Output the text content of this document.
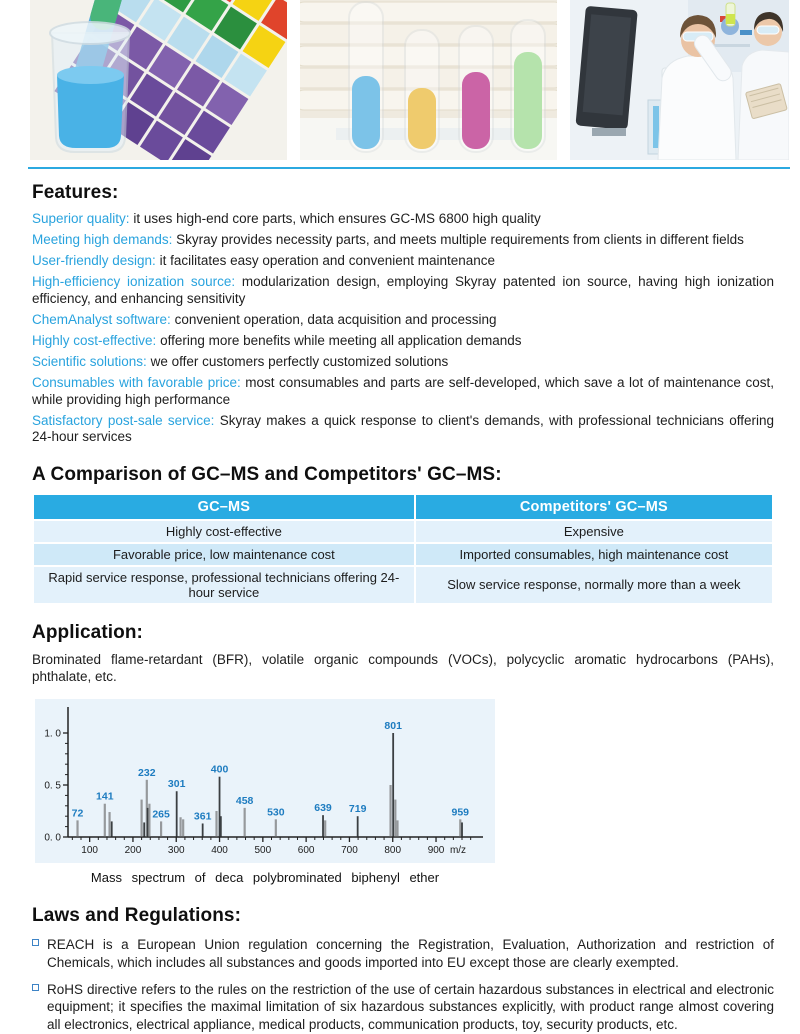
Features:

Superior quality: it uses high-end core parts, which ensures GC-MS 6800 high quality

Meeting high demands: Skyray provides necessity parts, and meets multiple requirements from clients in different fields

User-friendly design: it facilitates easy operation and convenient maintenance

High-efficiency ionization source: modularization design, employing Skyray patented ion source, having high ionization efficiency, and enhancing sensitivity

ChemAnalyst software: convenient operation, data acquisition and processing

Highly cost-effective: offering more benefits while meeting all application demands

Scientific solutions: we offer customers perfectly customized solutions

Consumables with favorable price: most consumables and parts are self-developed, which save a lot of maintenance cost, while providing high performance

Satisfactory post-sale service: Skyray makes a quick response to client's demands, with professional technicians offering 24-hour services

A Comparison of GC–MS and Competitors' GC–MS:
GC–MS	Competitors' GC–MS
Highly cost-effective	Expensive
Favorable price, low maintenance cost	Imported consumables, high maintenance cost
Rapid service response, professional technicians offering 24-hour service	Slow service response, normally more than a week
Application:

Brominated flame-retardant (BFR), volatile organic compounds (VOCs), polycyclic aromatic hydrocarbons (PAHs), phthalate, etc.

0. 0
0. 5
1. 0
100	200	300	400	500	600	700	800	900 m/z
72
141
232
265
301
361
400
458
530	639 719
801
959
Mass spectrum of deca polybrominated biphenyl ether
Laws and Regulations:

REACH is a European Union regulation concerning the Registration, Evaluation, Authorization and restriction of Chemicals, which includes all substances and goods imported into EU except those are clearly exempted.

RoHS directive refers to the rules on the restriction of the use of certain hazardous substances in electrical and electronic equipment; it specifies the maximal limitation of six hazardous substances explicitly, with product range almost covering all electronics, electrical appliance, medical products, communication products, toy, security products, etc.
